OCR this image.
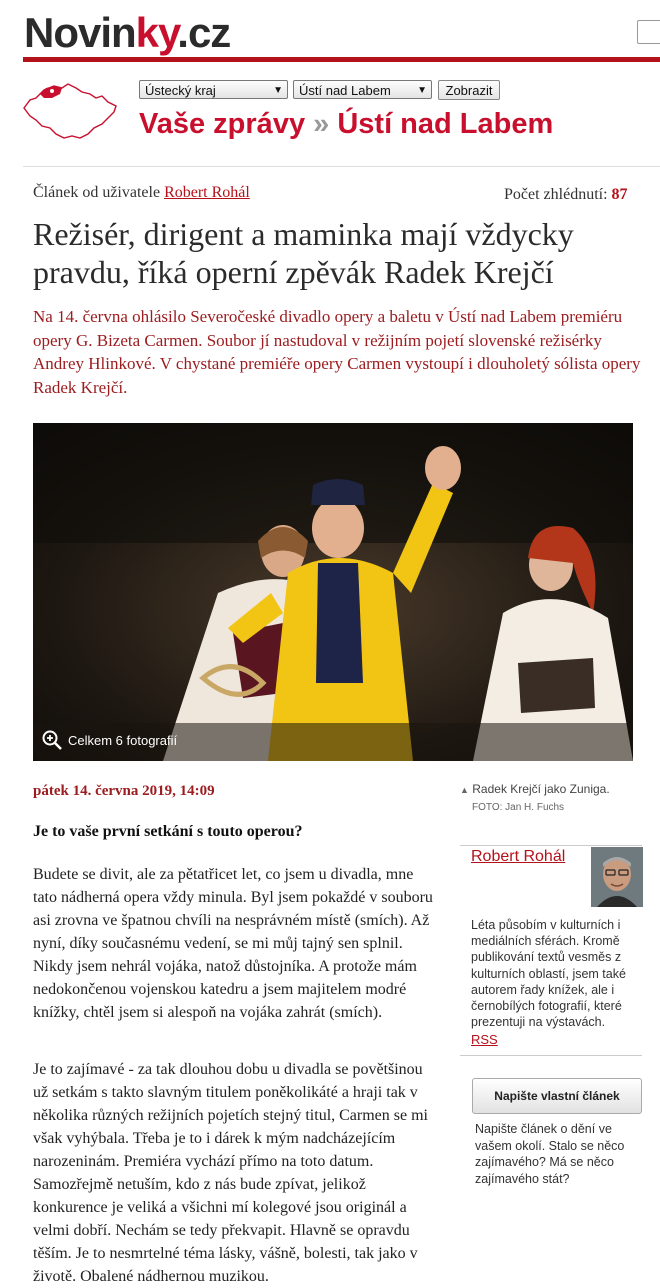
Novinky.cz
Ústecký kraj	▼	Ústí nad Labem	▼	Zobrazit
Vaše zprávy » Ústí nad Labem
Článek od uživatele Robert Rohál	Počet zhlédnutí: 87
Režisér, dirigent a maminka mají vždycky pravdu, říká operní zpěvák Radek Krejčí
Na 14. června ohlásilo Severočeské divadlo opery a baletu v Ústí nad Labem premiéru opery G. Bizeta Carmen. Soubor jí nastudoval v režijním pojetí slovenské režisérky Andrey Hlinkové. V chystané premiéře opery Carmen vystoupí i dlouholetý sólista opery Radek Krejčí.
Celkem 6 fotografií
pátek 14. června 2019, 14:09	▲ Radek Krejčí jako Zuniga.
FOTO: Jan H. Fuchs
Je to vaše první setkání s touto operou?
Budete se divit, ale za pětatřicet let, co jsem u divadla, mne tato nádherná opera vždy minula. Byl jsem pokaždé v souboru asi zrovna ve špatnou chvíli na nesprávném místě (smích). Až nyní, díky současnému vedení, se mi můj tajný sen splnil. Nikdy jsem nehrál vojáka, natož důstojníka. A protože mám nedokončenou vojenskou katedru a jsem majitelem modré knížky, chtěl jsem si alespoň na vojáka zahrát (smích).
Je to zajímavé - za tak dlouhou dobu u divadla se povětšinou už setkám s takto slavným titulem poněkolikáté a hraji tak v několika různých režijních pojetích stejný titul, Carmen se mi však vyhýbala. Třeba je to i dárek k mým nadcházejícím narozeninám. Premiéra vychází přímo na toto datum. Samozřejmě netuším, kdo z nás bude zpívat, jelikož konkurence je veliká a všichni mí kolegové jsou originál a velmi dobří. Nechám se tedy překvapit. Hlavně se opravdu těším. Je to nesmrtelné téma lásky, vášně, bolesti, tak jako v životě. Obalené nádhernou muzikou.
Robert Rohál
Léta působím v kulturních i mediálních sférách. Kromě publikování textů vesměs z kulturních oblastí, jsem také autorem řady knížek, ale i černobílých fotografií, které prezentuji na výstavách.
RSS
Napište vlastní článek
Napište článek o dění ve vašem okolí. Stalo se něco zajímavého? Má se něco zajímavého stát?
